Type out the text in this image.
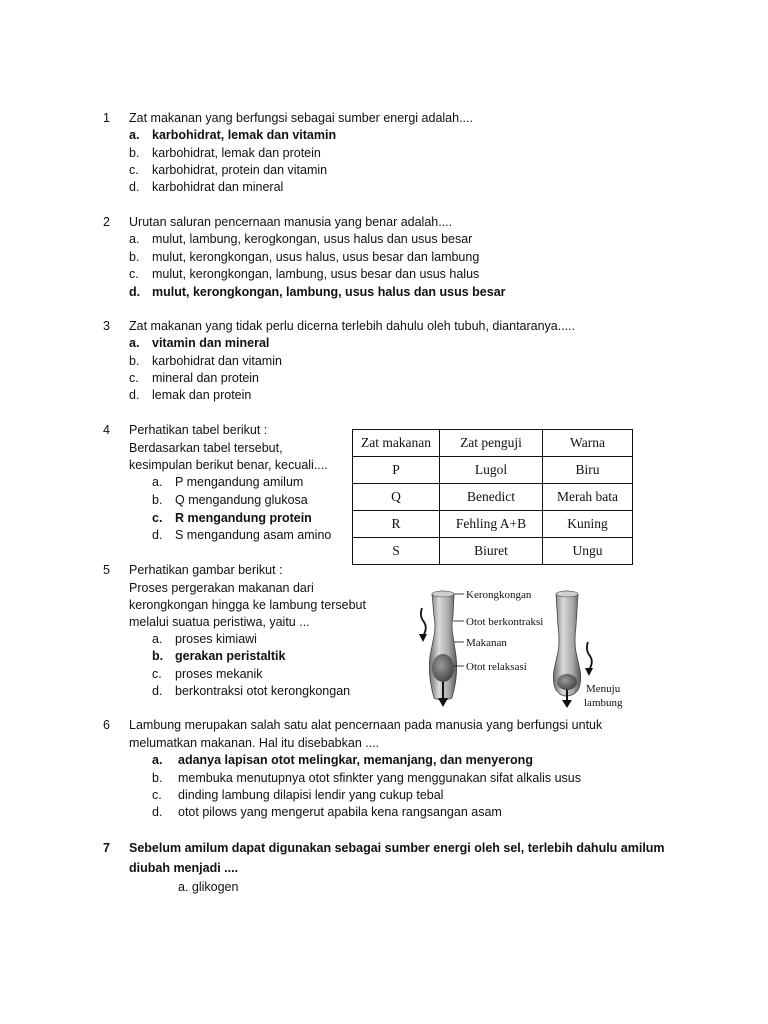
1 Zat makanan yang berfungsi sebagai sumber energi adalah....
a. karbohidrat, lemak dan vitamin
b. karbohidrat, lemak dan protein
c. karbohidrat, protein dan vitamin
d. karbohidrat dan mineral
2 Urutan saluran pencernaan manusia yang benar adalah....
a. mulut, lambung, kerogkongan, usus halus dan usus besar
b. mulut, kerongkongan, usus halus, usus besar dan lambung
c. mulut, kerongkongan, lambung, usus besar dan usus halus
d. mulut, kerongkongan, lambung, usus halus dan usus besar
3 Zat makanan yang tidak perlu dicerna terlebih dahulu oleh tubuh, diantaranya.....
a. vitamin dan mineral
b. karbohidrat dan vitamin
c. mineral dan protein
d. lemak dan protein
4 Perhatikan tabel berikut :
Berdasarkan tabel tersebut,
kesimpulan berikut benar, kecuali....
a. P mengandung amilum
b. Q mengandung glukosa
c. R mengandung protein
d. S mengandung asam amino
Zat makanan	Zat penguji	Warna
P	Lugol	Biru
Q	Benedict	Merah bata
R	Fehling A+B	Kuning
S	Biuret	Ungu
5 Perhatikan gambar berikut :
Proses pergerakan makanan dari
kerongkongan hingga ke lambung tersebut
melalui suatua peristiwa, yaitu ...
a. proses kimiawi
b. gerakan peristaltik
c. proses mekanik
d. berkontraksi otot kerongkongan
Kerongkongan
Otot berkontraksi
Makanan
Otot relaksasi
Menuju
lambung
6 Lambung merupakan salah satu alat pencernaan pada manusia yang berfungsi untuk
melumatkan makanan. Hal itu disebabkan ....
a. adanya lapisan otot melingkar, memanjang, dan menyerong
b. membuka menutupnya otot sfinkter yang menggunakan sifat alkalis usus
c. dinding lambung dilapisi lendir yang cukup tebal
d. otot pilows yang mengerut apabila kena rangsangan asam
7 Sebelum amilum dapat digunakan sebagai sumber energi oleh sel, terlebih dahulu amilum
diubah menjadi ....
a. glikogen
